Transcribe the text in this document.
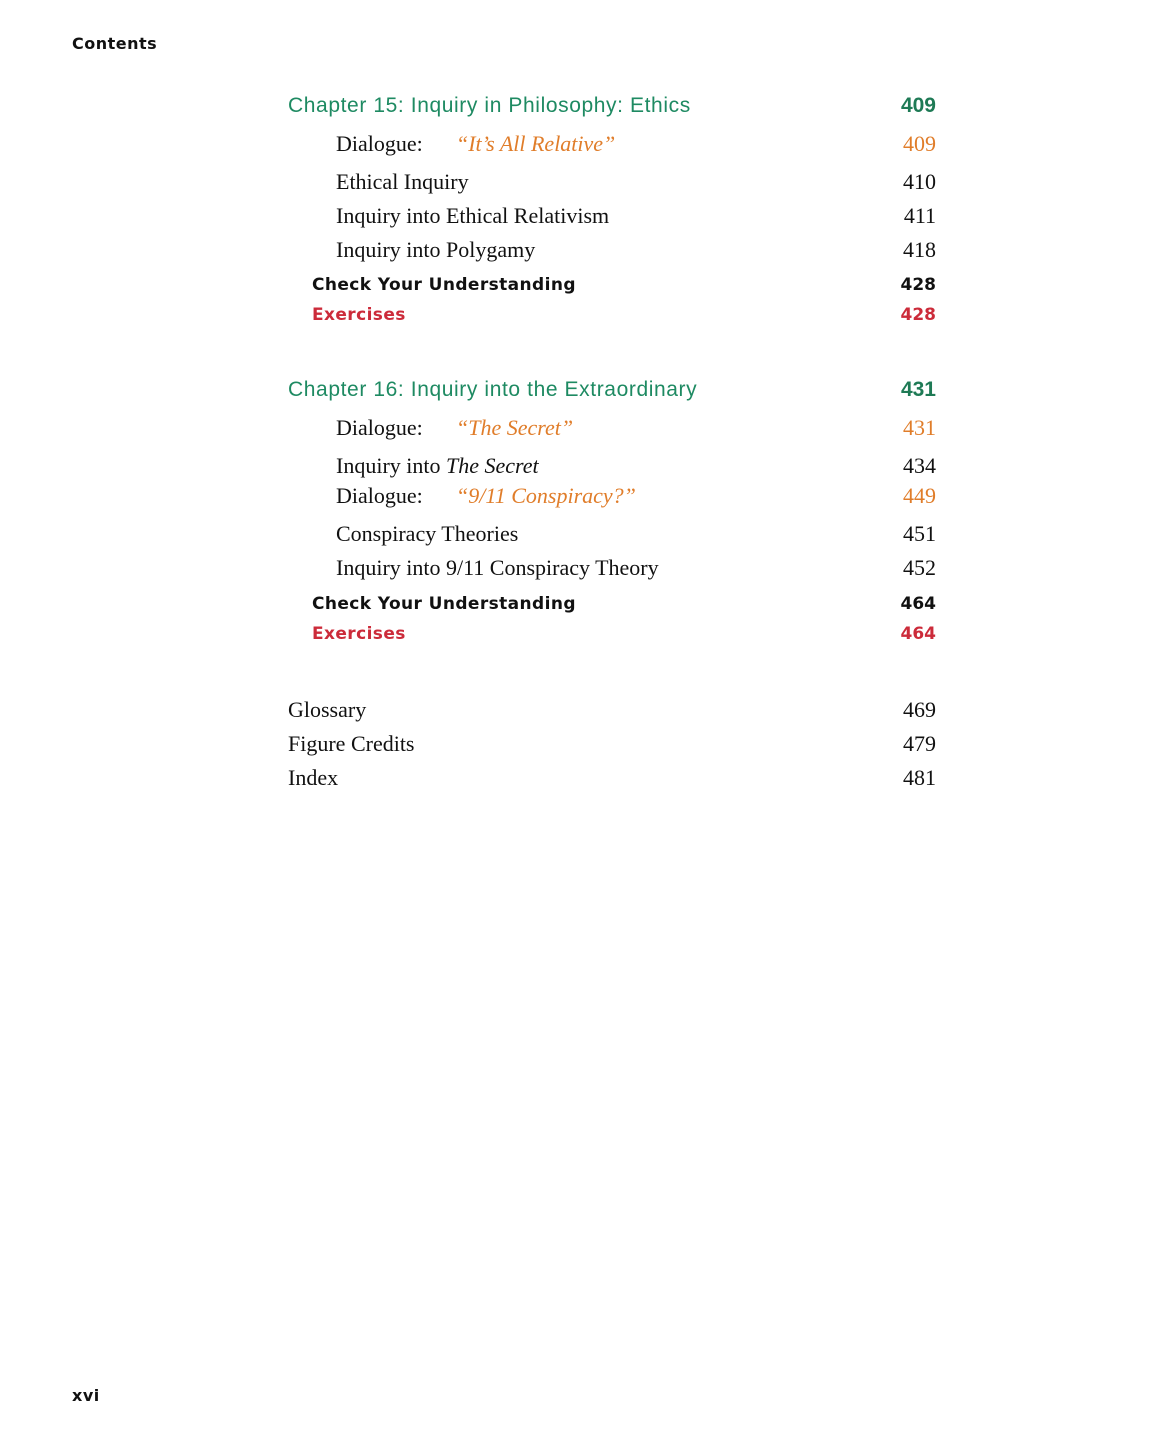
Contents
Chapter 15: Inquiry in Philosophy: Ethics	409
Dialogue: “It’s All Relative”	409
Ethical Inquiry	410
Inquiry into Ethical Relativism	411
Inquiry into Polygamy	418
Check Your Understanding	428
Exercises	428
Chapter 16: Inquiry into the Extraordinary	431
Dialogue: “The Secret”	431
Inquiry into The Secret	434
Dialogue: “9/11 Conspiracy?”	449
Conspiracy Theories	451
Inquiry into 9/11 Conspiracy Theory	452
Check Your Understanding	464
Exercises	464
Glossary	469
Figure Credits	479
Index	481
xvi
